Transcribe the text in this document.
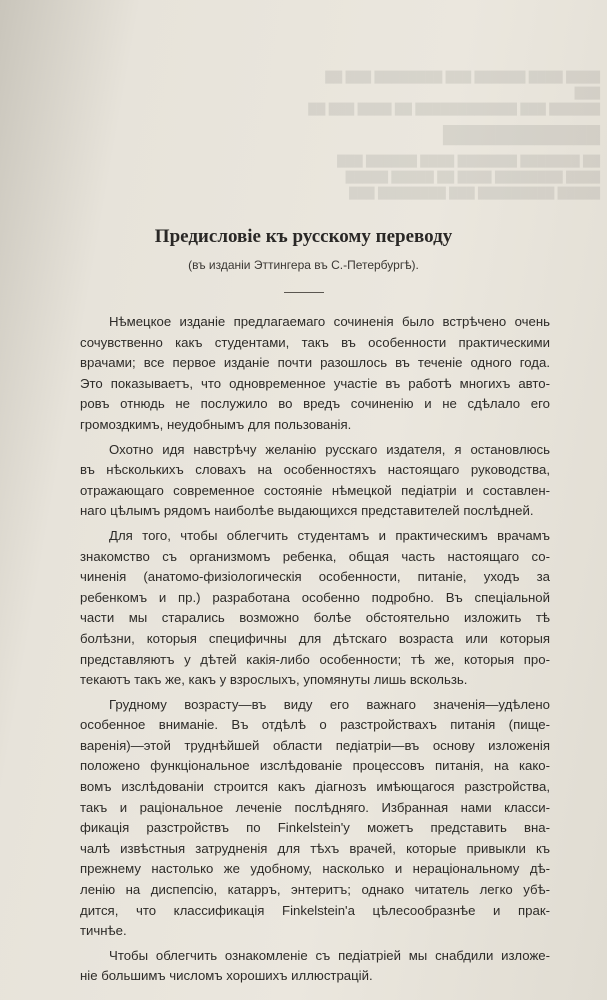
████ ████ ██████ ███ ████████ ███ ██ ███
██████ ███ ████████████ ██ ████ ███ ██
████████████
██ ███████ ███████ ████ ██████ ███
████ ████████ ████ ██ █████ █████
█████ █████████ ███ ████████ ███
Предисловіе къ русскому переводу
(въ изданіи Эттингера въ С.-Петербургѣ).

Нѣмецкое изданіе предлагаемаго сочиненія было встрѣчено очень
сочувственно какъ студентами, такъ въ особенности практическими
врачами; все первое изданіе почти разошлось въ теченіе одного года.
Это показываетъ, что одновременное участіе въ работѣ многихъ авто-
ровъ отнюдь не послужило во вредъ сочиненію и не сдѣлало его
громоздкимъ, неудобнымъ для пользованія.

Охотно идя навстрѣчу желанію русскаго издателя, я остановлюсь
въ нѣсколькихъ словахъ на особенностяхъ настоящаго руководства,
отражающаго современное состояніе нѣмецкой педіатріи и составлен-
наго цѣлымъ рядомъ наиболѣе выдающихся представителей послѣдней.

Для того, чтобы облегчить студентамъ и практическимъ врачамъ
знакомство съ организмомъ ребенка, общая часть настоящаго со-
чиненія (анатомо-физіологическія особенности, питаніе, уходъ за
ребенкомъ и пр.) разработана особенно подробно. Въ спеціальной
части мы старались возможно болѣе обстоятельно изложить тѣ
болѣзни, которыя специфичны для дѣтскаго возраста или которыя
представляютъ у дѣтей какія-либо особенности; тѣ же, которыя про-
текаютъ такъ же, какъ у взрослыхъ, упомянуты лишь вскользь.

Грудному возрасту—въ виду его важнаго значенія—удѣлено
особенное вниманіе. Въ отдѣлѣ о разстройствахъ питанія (пище-
варенія)—этой труднѣйшей области педіатріи—въ основу изложенія
положено функціональное изслѣдованіе процессовъ питанія, на како-
вомъ изслѣдованіи строится какъ діагнозъ имѣющагося разстройства,
такъ и раціональное леченіе послѣдняго. Избранная нами класси-
фикація разстройствъ по Finkelstein'у можетъ представить вна-
чалѣ извѣстныя затрудненія для тѣхъ врачей, которые привыкли къ
прежнему настолько же удобному, насколько и нераціональному дѣ-
ленію на диспепсію, катарръ, энтеритъ; однако читатель легко убѣ-
дится, что классификація Finkelstein'a цѣлесообразнѣе и прак-
тичнѣе.

Чтобы облегчить ознакомленіе съ педіатріей мы снабдили изложе-
ніе большимъ числомъ хорошихъ иллюстрацій.
